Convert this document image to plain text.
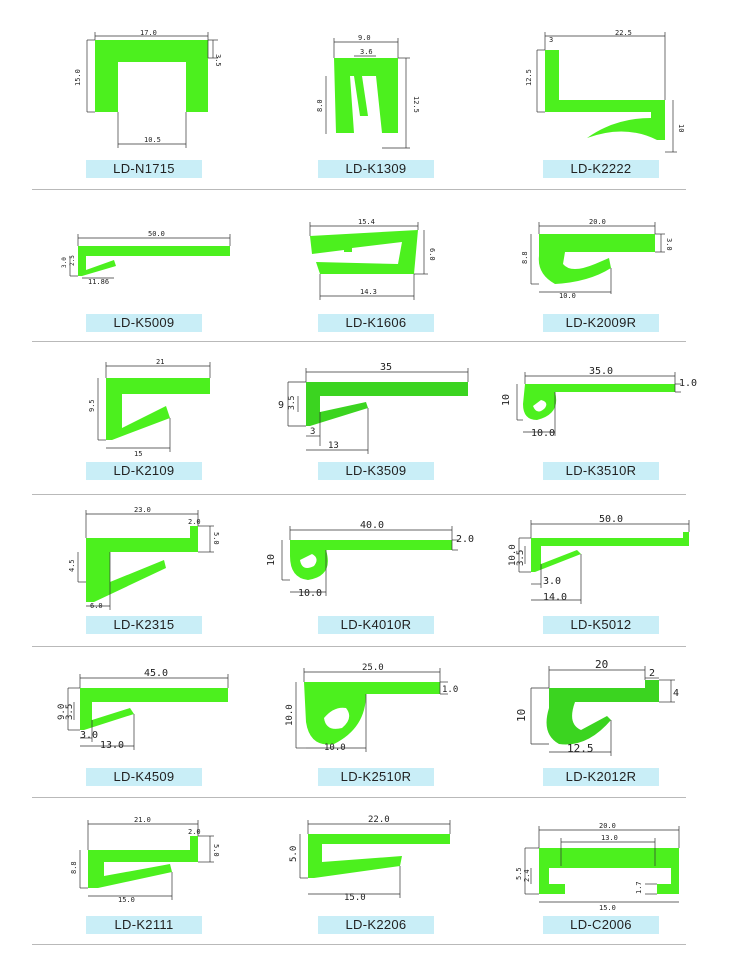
17.0
3.5
15.0
10.5
LD-N1715
9.0
3.6
8.0	12.5
LD-K1309
3
22.5
12.5
10
LD-K2222
50.0
3.0 2.5
11.86
LD-K5009
15.4
6.0
14.3
LD-K1606
20.0
3.0
8.8
10.0
LD-K2009R
21
9.5
15
LD-K2109
35
9 3.5
3
13
LD-K3509
35.0
1.0
10
10.0
LD-K3510R
23.0
2.0
5.0
4.5
6.0
LD-K2315
40.0
2.0
10
10.0
LD-K4010R
50.0
10.0
3.5
3.0
14.0
LD-K5012
45.0
9.0
3.5
3.0
13.0
LD-K4509
25.0
1.0
10.0
10.0
LD-K2510R
20
2
4
10
12.5
LD-K2012R
21.0
2.0
5.0
8.8
15.0
LD-K2111
22.0
5.0
15.0
LD-K2206
20.0
13.0
5.5 2.4
1.7
15.0
LD-C2006
